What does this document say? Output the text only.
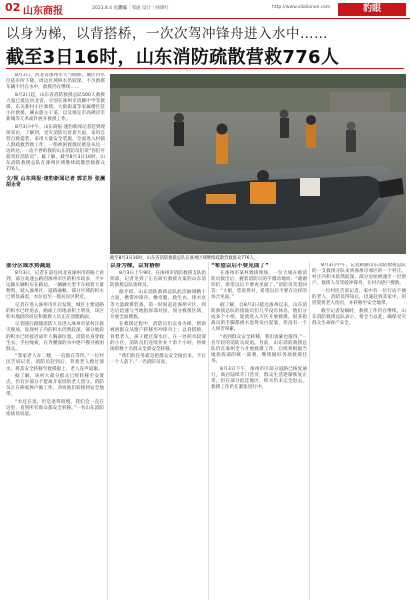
02 山东商报	2023.8.4 星期五
责编｜邹通 设计｜师嫦红	http://www.sdalianxe.com	豹眼
以身为梯，以背搭桥，一次次驾冲锋舟进入水中……
截至3日16时，山东消防疏散营救776人

8月1日，河北省涿州市天气晴朗，城区内水位依有所下降，周边区域积水仍较深，不少救援车辆不仍在水中，救援仍在继续……

8月2日起，山东省消防救援总队500人救援力量已抵达河北省，分别在涿州市清藤中学等救援，东关新村小区救援。大街街道等家属楼区驻小区救援，刷去旅主干道，以及保定市高碑店市新城等亢术面针展开救援工作。

8月3日中午，山东商报·速豹新闻记者赶到现场采访，了解到，受灾消防员冒着大雨，采用自营自救提装、来用大量安全装施，全面进入村镇人群疏救营救工作，一组被困救群民被送从达一边转达，一边不停的救的山东消防员们说“你们可最赏好消防员”。截了解，截至8月3日16时，山东消防救援总队在涿州区域继续疏散营救群众776人。

文/视 山东商报·速豹新闻记者 郭芷彤 张澜 胡永奇

截至8月3日16时，山东省消防救援总队在涿州区域继续疏散营救群众776人。

部分区域水势减退

8月3日，记者在前往河北省涿州市的路上看到，部分高速公路因涿州市区的积水较多，不少运输车辆积压在路边，一辆辆大型卡车载着大量物资，驶入涿州区，道路通畅，部分区域的积水已明显减退，水位退至一般居民区附近。

记者在进入涿州市区后发现，城区主要道路的积水已经退去，路面上的地表积土明显，该区积水地段的居民和救援人员正在清理路面。

记者随后跟随消防人员进入涿州市某村庄救灾现场，发现村子内的积水仍然较深，部分地段的积水已经接近成年人胸部位置。消防员身穿救生衣、手拉绳索，在齐腰深的水中逐户搜寻被困群众。

“我家老人在二楼，一直都在等待，”一位村民告诉记者，消防员赶到后，背着老人蹚过深水，将其安全转移至救援船上，老人连声道谢。

据了解，该村大部分群众已经转移至安置点，仍有少部分不愿离开家园的老人留守。消防员正在挨家挨户做工作，劝说他们转移到安全地带。

“水还在退，但是退得很慢，我们会一直在这里，直到所有群众都安全转移。”一名山东消防指战员说道。

以身为梯，以背搭桥

8月3日上午9时，在涿州市消防救援支队指挥部，记者见到了正在研究救援方案的山东消防救援总队指挥员。

据介绍，山东消防救援总队此次抽调精干力量，携带冲锋舟、橡皮艇、救生衣、排水泵等大量救援装备，第一时间赶赴涿州灾区。到达后迅速与当地指挥部对接，划分救援区域，开展全面搜救。

在救援过程中，消防员们以身为梯，帮助被困群众从窗户转移至冲锋舟上；以背搭桥，背着老人、孩子蹚过深水区。在一处积水较深的小区，消防员们连续作业十余个小时，将被困的数十名群众全部安全转移。

“我们的任务就是把群众安全接出来，不让一个人落下。”一名消防员说。

“希望以后不要见面了”

在涿州市某村救援现场，一位大娘在被消防员救出后，握着消防员的手激动地说：“谢谢你们，希望以后不要再见面了。”消防员笑着回答：“大娘，您说得对，希望以后不要在这样的场合见面。”

据了解，自8月2日抵达涿州以来，山东消防救援总队的指战员们几乎没有休息，他们分成多个小组，轮流进入灾区开展救援。很多指战员的手脚都被水泡得发白起皱，但没有一个人叫苦叫累。

“看到群众安全转移，我们再累也值得。”一名年轻的消防员说道。目前，山东消防救援总队仍在涿州全力开展救援工作，后续将根据当地指挥部的统一部署，继续做好各项救援任务。

8月3日下午，涿州市区部分道路已恢复通行，商店陆续开门营业，群众生活逐渐恢复正常。但在部分低洼地区，积水仍未完全退去，救援工作仍在紧张进行中。

8月3日中午，记者跟随山东消防救援总队的一支救援分队来到涿州市郊区的一个村庄。村庄内积水依然较深，部分房屋被淹至一层窗户。救援人员驾驶冲锋舟，在村内逐户搜救。

一位村民告诉记者，家中有一位行动不便的老人，消防员得知后，迅速赶到其家中，用担架将老人抬出，并转移至安全地带。

截至记者发稿时，救援工作仍在继续。山东消防救援总队表示，将全力以赴，确保受灾群众生命财产安全。
